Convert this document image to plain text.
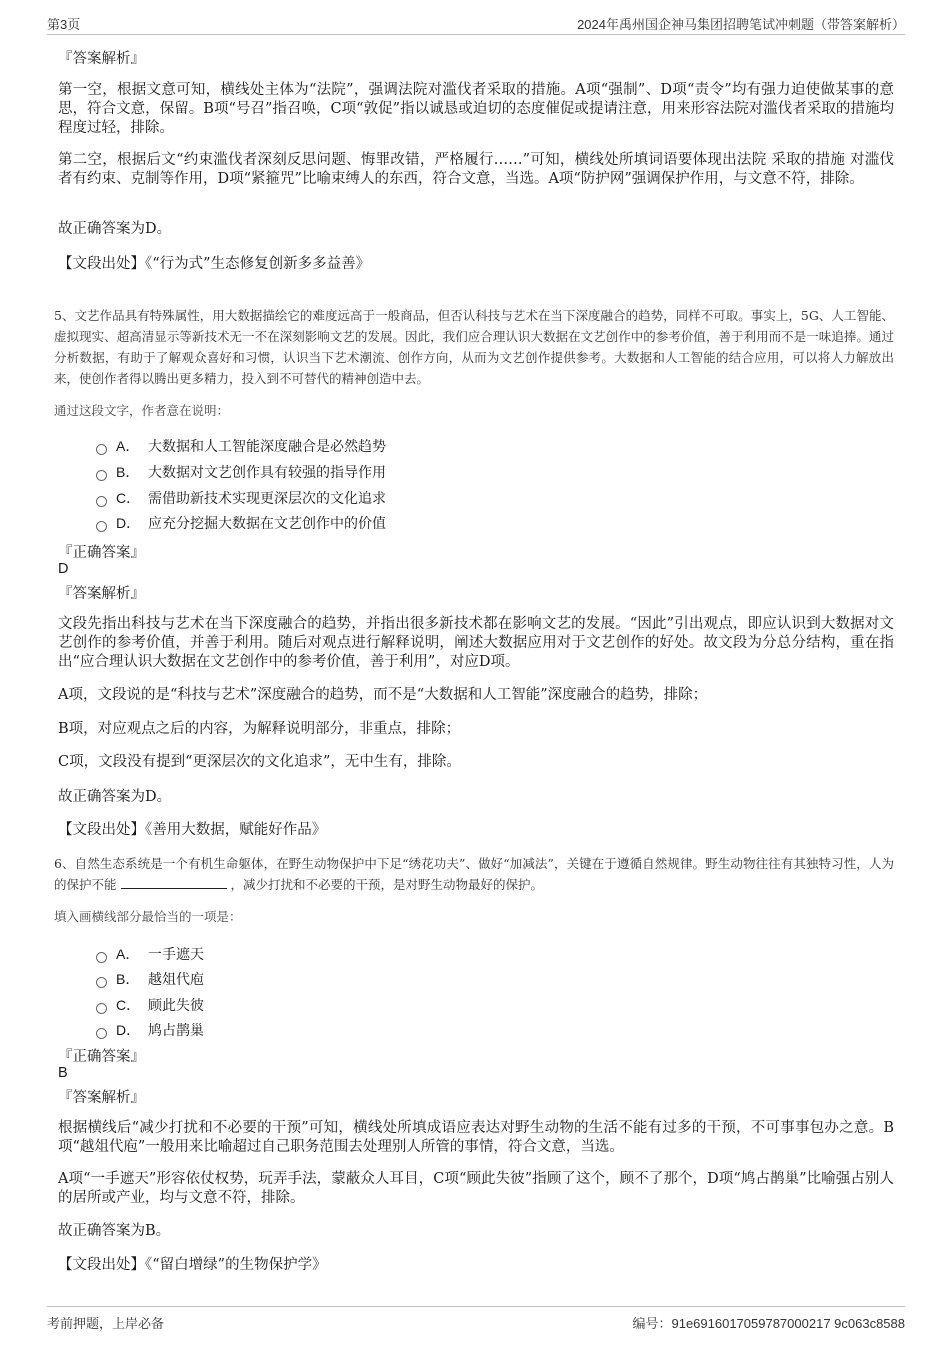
第3页	2024年禹州国企神马集团招聘笔试冲刺题（带答案解析）
『答案解析』
第一空，根据文意可知，横线处主体为“法院”，强调法院对滥伐者采取的措施。A项“强制”、D项“责令”均有强力迫使做某事的意思，符合文意，保留。B项“号召”指召唤，C项“敦促”指以诚恳或迫切的态度催促或提请注意，用来形容法院对滥伐者采取的措施均程度过轻，排除。
第二空，根据后文“约束滥伐者深刻反思问题、悔罪改错，严格履行……”可知，横线处所填词语要体现出法院 采取的措施 对滥伐者有约束、克制等作用，D项“紧箍咒”比喻束缚人的东西，符合文意，当选。A项“防护网”强调保护作用，与文意不符，排除。
故正确答案为D。
【文段出处】《“行为式”生态修复创新多多益善》
5、文艺作品具有特殊属性，用大数据描绘它的难度远高于一般商品，但否认科技与艺术在当下深度融合的趋势，同样不可取。事实上，5G、人工智能、虚拟现实、超高清显示等新技术无一不在深刻影响文艺的发展。因此，我们应合理认识大数据在文艺创作中的参考价值，善于利用而不是一味追捧。通过分析数据，有助于了解观众喜好和习惯，认识当下艺术潮流、创作方向，从而为文艺创作提供参考。大数据和人工智能的结合应用，可以将人力解放出来，使创作者得以腾出更多精力，投入到不可替代的精神创造中去。
通过这段文字，作者意在说明：
A． 大数据和人工智能深度融合是必然趋势
B． 大数据对文艺创作具有较强的指导作用
C． 需借助新技术实现更深层次的文化追求
D． 应充分挖掘大数据在文艺创作中的价值
『正确答案』
D
『答案解析』
文段先指出科技与艺术在当下深度融合的趋势，并指出很多新技术都在影响文艺的发展。“因此”引出观点，即应认识到大数据对文艺创作的参考价值，并善于利用。随后对观点进行解释说明，阐述大数据应用对于文艺创作的好处。故文段为分总分结构，重在指出“应合理认识大数据在文艺创作中的参考价值，善于利用”，对应D项。
A项，文段说的是“科技与艺术”深度融合的趋势，而不是“大数据和人工智能”深度融合的趋势，排除；
B项，对应观点之后的内容，为解释说明部分，非重点，排除；
C项，文段没有提到“更深层次的文化追求”，无中生有，排除。
故正确答案为D。
【文段出处】《善用大数据，赋能好作品》
6、自然生态系统是一个有机生命躯体，在野生动物保护中下足“绣花功夫”、做好“加减法”，关键在于遵循自然规律。野生动物往往有其独特习性，人为的保护不能	，减少打扰和不必要的干预，是对野生动物最好的保护。
填入画横线部分最恰当的一项是：
A． 一手遮天
B． 越俎代庖
C． 顾此失彼
D． 鸠占鹊巢
『正确答案』
B
『答案解析』
根据横线后“减少打扰和不必要的干预”可知，横线处所填成语应表达对野生动物的生活不能有过多的干预，不可事事包办之意。B项“越俎代庖”一般用来比喻超过自己职务范围去处理别人所管的事情，符合文意，当选。
A项“一手遮天”形容依仗权势，玩弄手法，蒙蔽众人耳目，C项“顾此失彼”指顾了这个，顾不了那个，D项“鸠占鹊巢”比喻强占别人的居所或产业，均与文意不符，排除。
故正确答案为B。
【文段出处】《“留白增绿”的生物保护学》
考前押题，上岸必备	编号：91e6916017059787000217 9c063c8588
